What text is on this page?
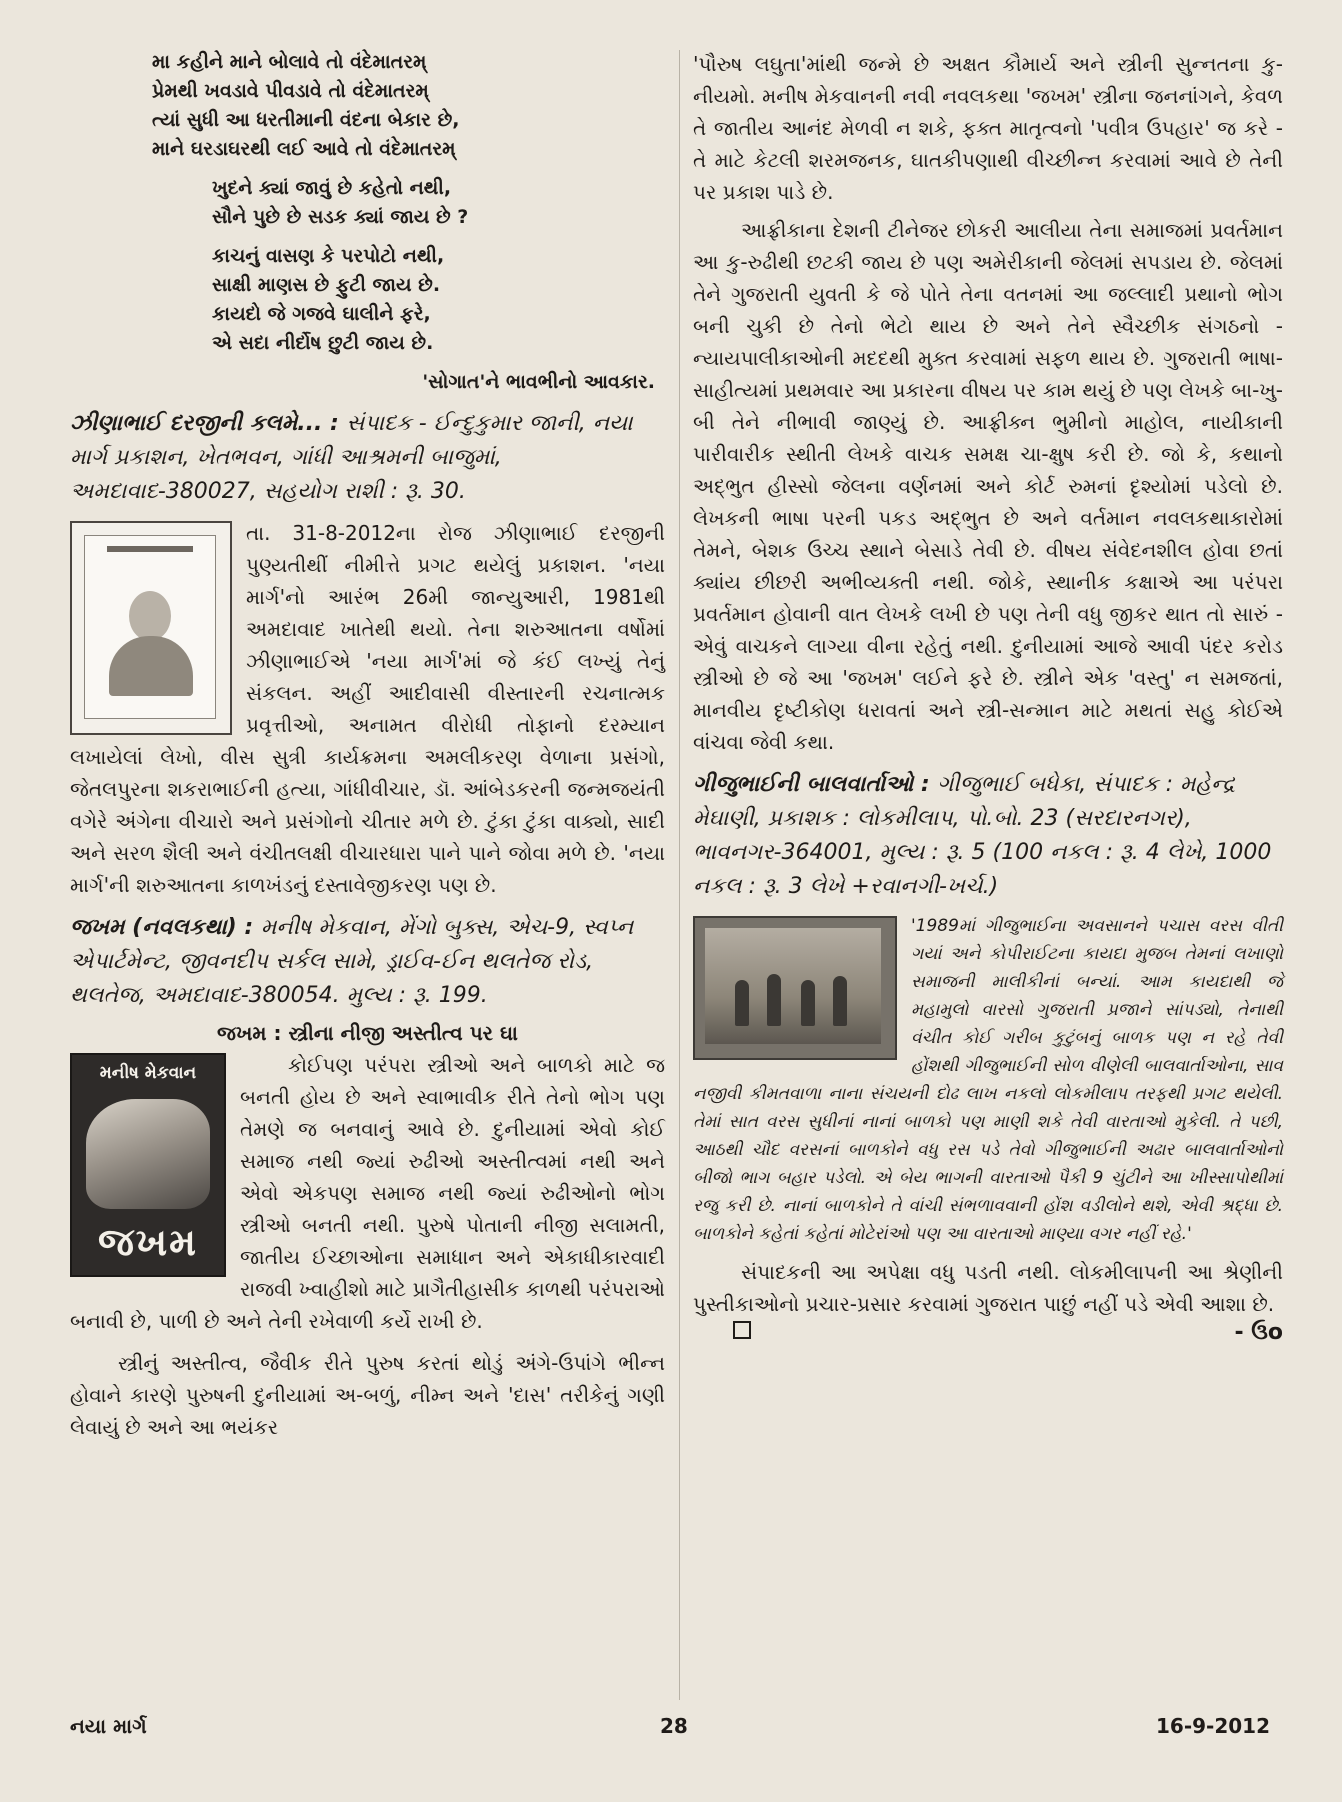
મા કહીને માને બોલાવે તો વંદેમાતરમ્

પ્રેમથી ખવડાવે પીવડાવે તો વંદેમાતરમ્

ત્યાં સુધી આ ધરતીમાની વંદના બેકાર છે,

માને ઘરડાઘરથી લઈ આવે તો વંદેમાતરમ્

ખુદને ક્યાં જાવું છે કહેતો નથી,

સૌને પુછે છે સડક ક્યાં જાય છે ?

કાચનું વાસણ કે પરપોટો નથી,

સાક્ષી માણસ છે ફુટી જાય છે.

કાયદો જે ગજવે ઘાલીને ફરે,

એ સદા નીર્દોષ છુટી જાય છે.

'સોગાત'ને ભાવભીનો આવકાર.

ઝીણાભાઈ દરજીની કલમે... : સંપાદક - ઈન્દુકુમાર જાની, નયા માર્ગ પ્રકાશન, ખેતભવન, ગાંધી આશ્રમની બાજુમાં, અમદાવાદ-380027, સહયોગ રાશી : રૂ. 30.

તા. 31-8-2012ના રોજ ઝીણાભાઈ દરજીની પુણ્યતીથીં નીમીત્તે પ્રગટ થયેલું પ્રકાશન. 'નયા માર્ગ'નો આરંભ 26મી જાન્યુઆરી, 1981થી અમદાવાદ ખાતેથી થયો. તેના શરુઆતના વર્ષોમાં ઝીણાભાઈએ 'નયા માર્ગ'માં જે કંઈ લખ્યું તેનું સંકલન. અહીં આદીવાસી વીસ્તારની રચનાત્મક પ્રવૃત્તીઓ, અનામત વીરોધી તોફાનો દરમ્યાન લખાયેલાં લેખો, વીસ સુત્રી કાર્યક્રમના અમલીકરણ વેળાના પ્રસંગો, જેતલપુરના શકરાભાઈની હત્યા, ગાંધીવીચાર, ડૉ. આંબેડકરની જન્મજયંતી વગેરે અંગેના વીચારો અને પ્રસંગોનો ચીતાર મળે છે. ટુંકા ટુંકા વાક્યો, સાદી અને સરળ શૈલી અને વંચીતલક્ષી વીચારધારા પાને પાને જોવા મળે છે. 'નયા માર્ગ'ની શરુઆતના કાળખંડનું દસ્તાવેજીકરણ પણ છે.

જખમ (નવલકથા) : મનીષ મેકવાન, મેંગો બુક્સ, એચ-9, સ્વપ્ન એપાર્ટમેન્ટ, જીવનદીપ સર્કલ સામે, ડ્રાઈવ-ઈન થલતેજ રોડ, થલતેજ, અમદાવાદ-380054. મુલ્ય : રૂ. 199.
જખમ : સ્ત્રીના નીજી અસ્તીત્વ પર ઘા
મનીષ મેકવાન
જખમ

કોઈપણ પરંપરા સ્ત્રીઓ અને બાળકો માટે જ બનતી હોય છે અને સ્વાભાવીક રીતે તેનો ભોગ પણ તેમણે જ બનવાનું આવે છે. દુનીયામાં એવો કોઈ સમાજ નથી જ્યાં રુઢીઓ અસ્તીત્વમાં નથી અને એવો એકપણ સમાજ નથી જ્યાં રુઢીઓનો ભોગ સ્ત્રીઓ બનતી નથી. પુરુષે પોતાની નીજી સલામતી, જાતીય ઈચ્છાઓના સમાધાન અને એકાધીકારવાદી રાજવી ખ્વાહીશો માટે પ્રાગૈતીહાસીક કાળથી પરંપરાઓ બનાવી છે, પાળી છે અને તેની રખેવાળી કર્યે રાખી છે.

સ્ત્રીનું અસ્તીત્વ, જૈવીક રીતે પુરુષ કરતાં થોડું અંગે-ઉપાંગે ભીન્ન હોવાને કારણે પુરુષની દુનીયામાં અ-બળું, નીમ્ન અને 'દાસ' તરીકેનું ગણી લેવાયું છે અને આ ભયંકર

'પૌરુષ લઘુતા'માંથી જન્મે છે અક્ષત કૌમાર્ય અને સ્ત્રીની સુન્નતના કુ-નીયમો. મનીષ મેકવાનની નવી નવલકથા 'જખમ' સ્ત્રીના જનનાંગને, કેવળ તે જાતીય આનંદ મેળવી ન શકે, ફક્ત માતૃત્વનો 'પવીત્ર ઉપહાર' જ કરે - તે માટે કેટલી શરમજનક, ઘાતકીપણાથી વીચ્છીન્ન કરવામાં આવે છે તેની પર પ્રકાશ પાડે છે.

આફ્રીકાના દેશની ટીનેજર છોકરી આલીયા તેના સમાજમાં પ્રવર્તમાન આ કુ-રુઢીથી છટકી જાય છે પણ અમેરીકાની જેલમાં સપડાય છે. જેલમાં તેને ગુજરાતી યુવતી કે જે પોતે તેના વતનમાં આ જલ્લાદી પ્રથાનો ભોગ બની ચુકી છે તેનો ભેટો થાય છે અને તેને સ્વૈચ્છીક સંગઠનો - ન્યાયપાલીકાઓની મદદથી મુક્ત કરવામાં સફળ થાય છે. ગુજરાતી ભાષા- સાહીત્યમાં પ્રથમવાર આ પ્રકારના વીષય પર કામ થયું છે પણ લેખકે બા-ખુ-બી તેને નીભાવી જાણ્યું છે. આફ્રીક્ન ભુમીનો માહોલ, નાયીકાની પારીવારીક સ્થીતી લેખકે વાચક સમક્ષ ચા-ક્ષુષ કરી છે. જો કે, કથાનો અદ્ભુત હીસ્સો જેલના વર્ણનમાં અને કોર્ટ રુમનાં દૃશ્યોમાં પડેલો છે. લેખકની ભાષા પરની પકડ અદ્ભુત છે અને વર્તમાન નવલકથાકારોમાં તેમને, બેશક ઉચ્ચ સ્થાને બેસાડે તેવી છે. વીષય સંવેદનશીલ હોવા છતાં ક્યાંય છીછરી અભીવ્યક્તી નથી. જોકે, સ્થાનીક કક્ષાએ આ પરંપરા પ્રવર્તમાન હોવાની વાત લેખકે લખી છે પણ તેની વધુ જીકર થાત તો સારું - એવું વાચકને લાગ્યા વીના રહેતું નથી. દુનીયામાં આજે આવી પંદર કરોડ સ્ત્રીઓ છે જે આ 'જખમ' લઈને ફરે છે. સ્ત્રીને એક 'વસ્તુ' ન સમજતાં, માનવીય દૃષ્ટીકોણ ધરાવતાં અને સ્ત્રી-સન્માન માટે મથતાં સહુ કોઈએ વાંચવા જેવી કથા.

ગીજુભાઈની બાલવાર્તાઓ : ગીજુભાઈ બધેકા, સંપાદક : મહેન્દ્ર મેઘાણી, પ્રકાશક : લોકમીલાપ, પો.બો. 23 (સરદારનગર), ભાવનગર-364001, મુલ્ય : રૂ. 5 (100 નકલ : રૂ. 4 લેખે, 1000 નકલ : રૂ. 3 લેખે +રવાનગી-ખર્ચ.)

'1989માં ગીજુભાઈના અવસાનને પચાસ વરસ વીતી ગયાં અને કોપીરાઈટના કાયદા મુજબ તેમનાં લખાણો સમાજની માલીકીનાં બન્યાં. આમ કાયદાથી જે મહામુલો વારસો ગુજરાતી પ્રજાને સાંપડ્યો, તેનાથી વંચીત કોઈ ગરીબ કુટુંબનું બાળક પણ ન રહે તેવી હોંશથી ગીજુભાઈની સોળ વીણેલી બાલવાર્તાઓના, સાવ નજીવી કીમતવાળા નાના સંચયની દોઢ લાખ નકલો લોકમીલાપ તરફથી પ્રગટ થયેલી. તેમાં સાત વરસ સુધીનાં નાનાં બાળકો પણ માણી શકે તેવી વારતાઓ મુકેલી. તે પછી, આઠથી ચૌદ વરસનાં બાળકોને વધુ રસ પડે તેવો ગીજુભાઈની અઢાર બાલવાર્તાઓનો બીજો ભાગ બહાર પડેલો. એ બેય ભાગની વારતાઓ પૈકી 9 ચુંટીને આ ખીસ્સાપોથીમાં રજુ કરી છે. નાનાં બાળકોને તે વાંચી સંભળાવવાની હોંશ વડીલોને થશે, એવી શ્રદ્ધા છે. બાળકોને કહેતાં કહેતાં મોટેરાંઓ પણ આ વારતાઓ માણ્યા વગર નહીં રહે.'

સંપાદકની આ અપેક્ષા વધુ પડતી નથી. લોકમીલાપની આ શ્રેણીની પુસ્તીકાઓનો પ્રચાર-પ્રસાર કરવામાં ગુજરાત પાછું નહીં પડે એવી આશા છે.

- ઉo
નયા માર્ગ	28	16-9-2012
